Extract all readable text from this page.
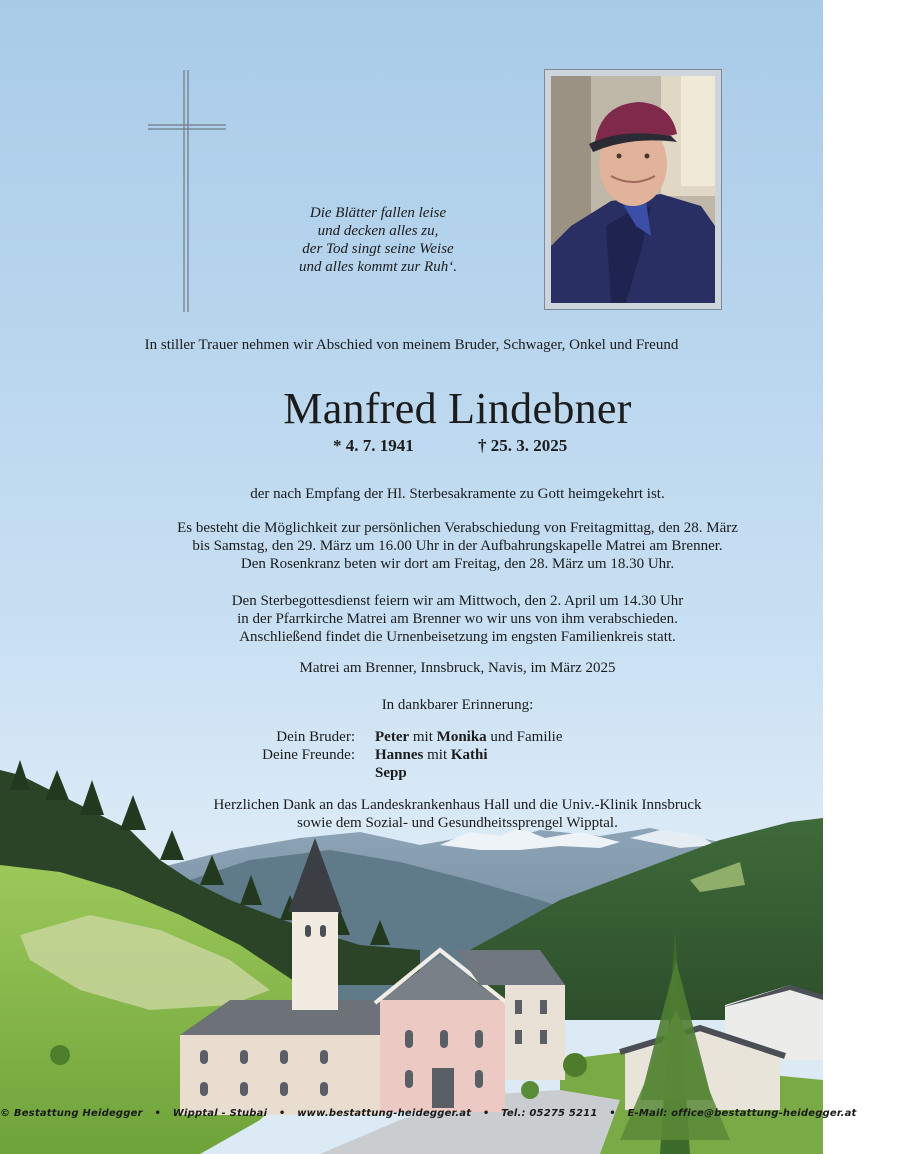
Die Blätter fallen leise
und decken alles zu,
der Tod singt seine Weise
und alles kommt zur Ruh‘.
In stiller Trauer nehmen wir Abschied von meinem Bruder, Schwager, Onkel und Freund
Manfred Lindebner
* 4. 7. 1941	† 25. 3. 2025
der nach Empfang der Hl. Sterbesakramente zu Gott heimgekehrt ist.
Es besteht die Möglichkeit zur persönlichen Verabschiedung von Freitagmittag, den 28. März
bis Samstag, den 29. März um 16.00 Uhr in der Aufbahrungskapelle Matrei am Brenner.
Den Rosenkranz beten wir dort am Freitag, den 28. März um 18.30 Uhr.
Den Sterbegottesdienst feiern wir am Mittwoch, den 2. April um 14.30 Uhr
in der Pfarrkirche Matrei am Brenner wo wir uns von ihm verabschieden.
Anschließend findet die Urnenbeisetzung im engsten Familienkreis statt.
Matrei am Brenner, Innsbruck, Navis, im März 2025
In dankbarer Erinnerung:
Dein Bruder: Peter mit Monika und Familie
Deine Freunde: Hannes mit Kathi
Sepp
Herzlichen Dank an das Landeskrankenhaus Hall und die Univ.-Klinik Innsbruck
sowie dem Sozial- und Gesundheitssprengel Wipptal.
© Bestattung Heidegger • Wipptal - Stubai • www.bestattung-heidegger.at • Tel.: 05275 5211 • E-Mail: office@bestattung-heidegger.at
